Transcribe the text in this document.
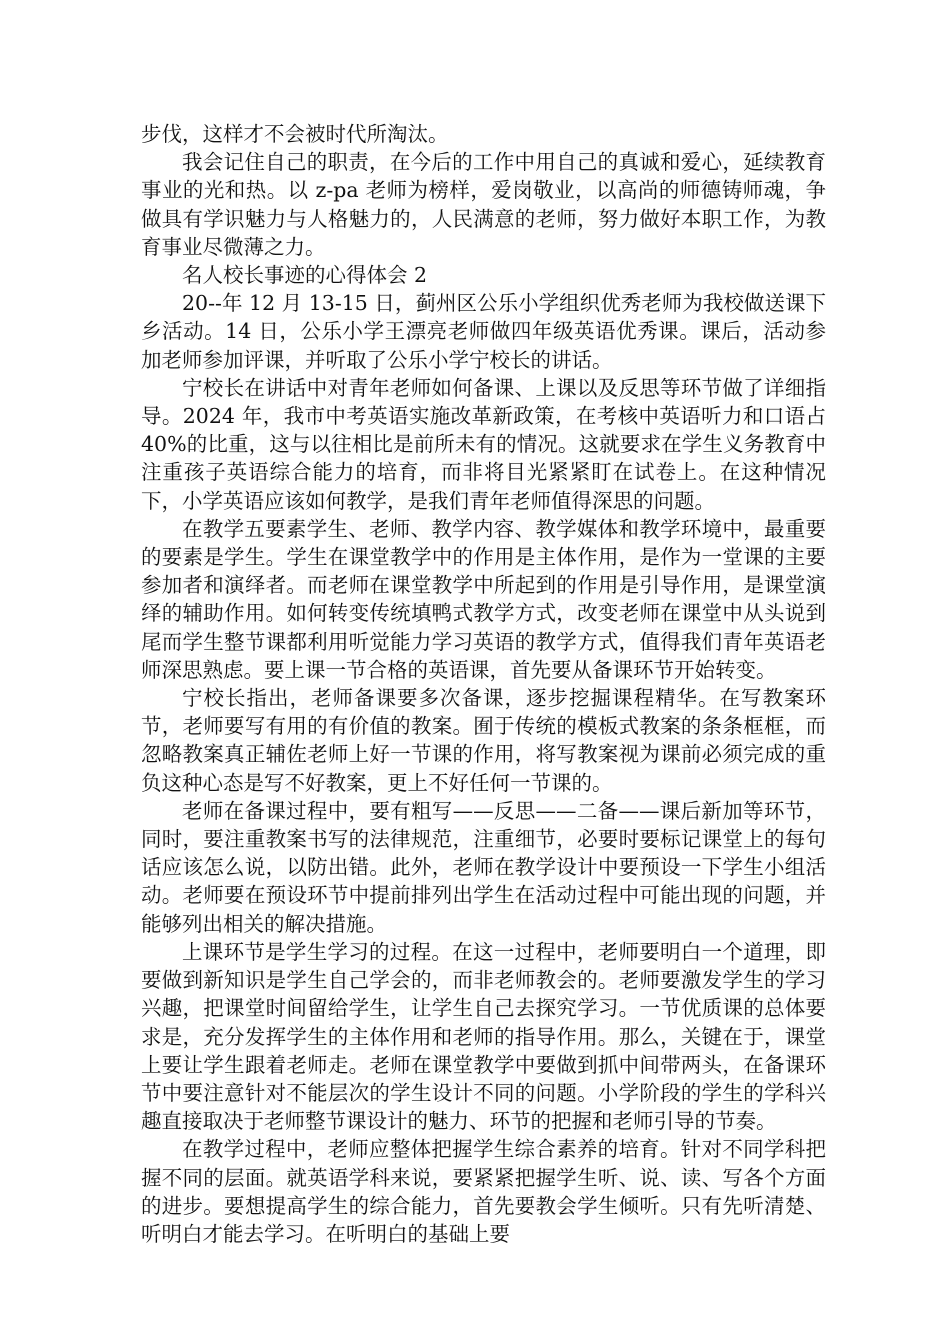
步伐，这样才不会被时代所淘汰。

我会记住自己的职责，在今后的工作中用自己的真诚和爱心，延续教育事业的光和热。以 z-pa 老师为榜样，爱岗敬业，以高尚的师德铸师魂，争做具有学识魅力与人格魅力的，人民满意的老师，努力做好本职工作，为教育事业尽微薄之力。

名人校长事迹的心得体会 2

20--年 12 月 13-15 日，蓟州区公乐小学组织优秀老师为我校做送课下乡活动。14 日，公乐小学王漂亮老师做四年级英语优秀课。课后，活动参加老师参加评课，并听取了公乐小学宁校长的讲话。

宁校长在讲话中对青年老师如何备课、上课以及反思等环节做了详细指导。2024 年，我市中考英语实施改革新政策，在考核中英语听力和口语占 40%的比重，这与以往相比是前所未有的情况。这就要求在学生义务教育中注重孩子英语综合能力的培育，而非将目光紧紧盯在试卷上。在这种情况下，小学英语应该如何教学，是我们青年老师值得深思的问题。

在教学五要素学生、老师、教学内容、教学媒体和教学环境中，最重要的要素是学生。学生在课堂教学中的作用是主体作用，是作为一堂课的主要参加者和演绎者。而老师在课堂教学中所起到的作用是引导作用，是课堂演绎的辅助作用。如何转变传统填鸭式教学方式，改变老师在课堂中从头说到尾而学生整节课都利用听觉能力学习英语的教学方式，值得我们青年英语老师深思熟虑。要上课一节合格的英语课，首先要从备课环节开始转变。

宁校长指出，老师备课要多次备课，逐步挖掘课程精华。在写教案环节，老师要写有用的有价值的教案。囿于传统的模板式教案的条条框框，而忽略教案真正辅佐老师上好一节课的作用，将写教案视为课前必须完成的重负这种心态是写不好教案，更上不好任何一节课的。

老师在备课过程中，要有粗写——反思——二备——课后新加等环节，同时，要注重教案书写的法律规范，注重细节，必要时要标记课堂上的每句话应该怎么说，以防出错。此外，老师在教学设计中要预设一下学生小组活动。老师要在预设环节中提前排列出学生在活动过程中可能出现的问题，并能够列出相关的解决措施。

上课环节是学生学习的过程。在这一过程中，老师要明白一个道理，即要做到新知识是学生自己学会的，而非老师教会的。老师要激发学生的学习兴趣，把课堂时间留给学生，让学生自己去探究学习。一节优质课的总体要求是，充分发挥学生的主体作用和老师的指导作用。那么，关键在于，课堂上要让学生跟着老师走。老师在课堂教学中要做到抓中间带两头，在备课环节中要注意针对不能层次的学生设计不同的问题。小学阶段的学生的学科兴趣直接取决于老师整节课设计的魅力、环节的把握和老师引导的节奏。

在教学过程中，老师应整体把握学生综合素养的培育。针对不同学科把握不同的层面。就英语学科来说，要紧紧把握学生听、说、读、写各个方面的进步。要想提高学生的综合能力，首先要教会学生倾听。只有先听清楚、听明白才能去学习。在听明白的基础上要
